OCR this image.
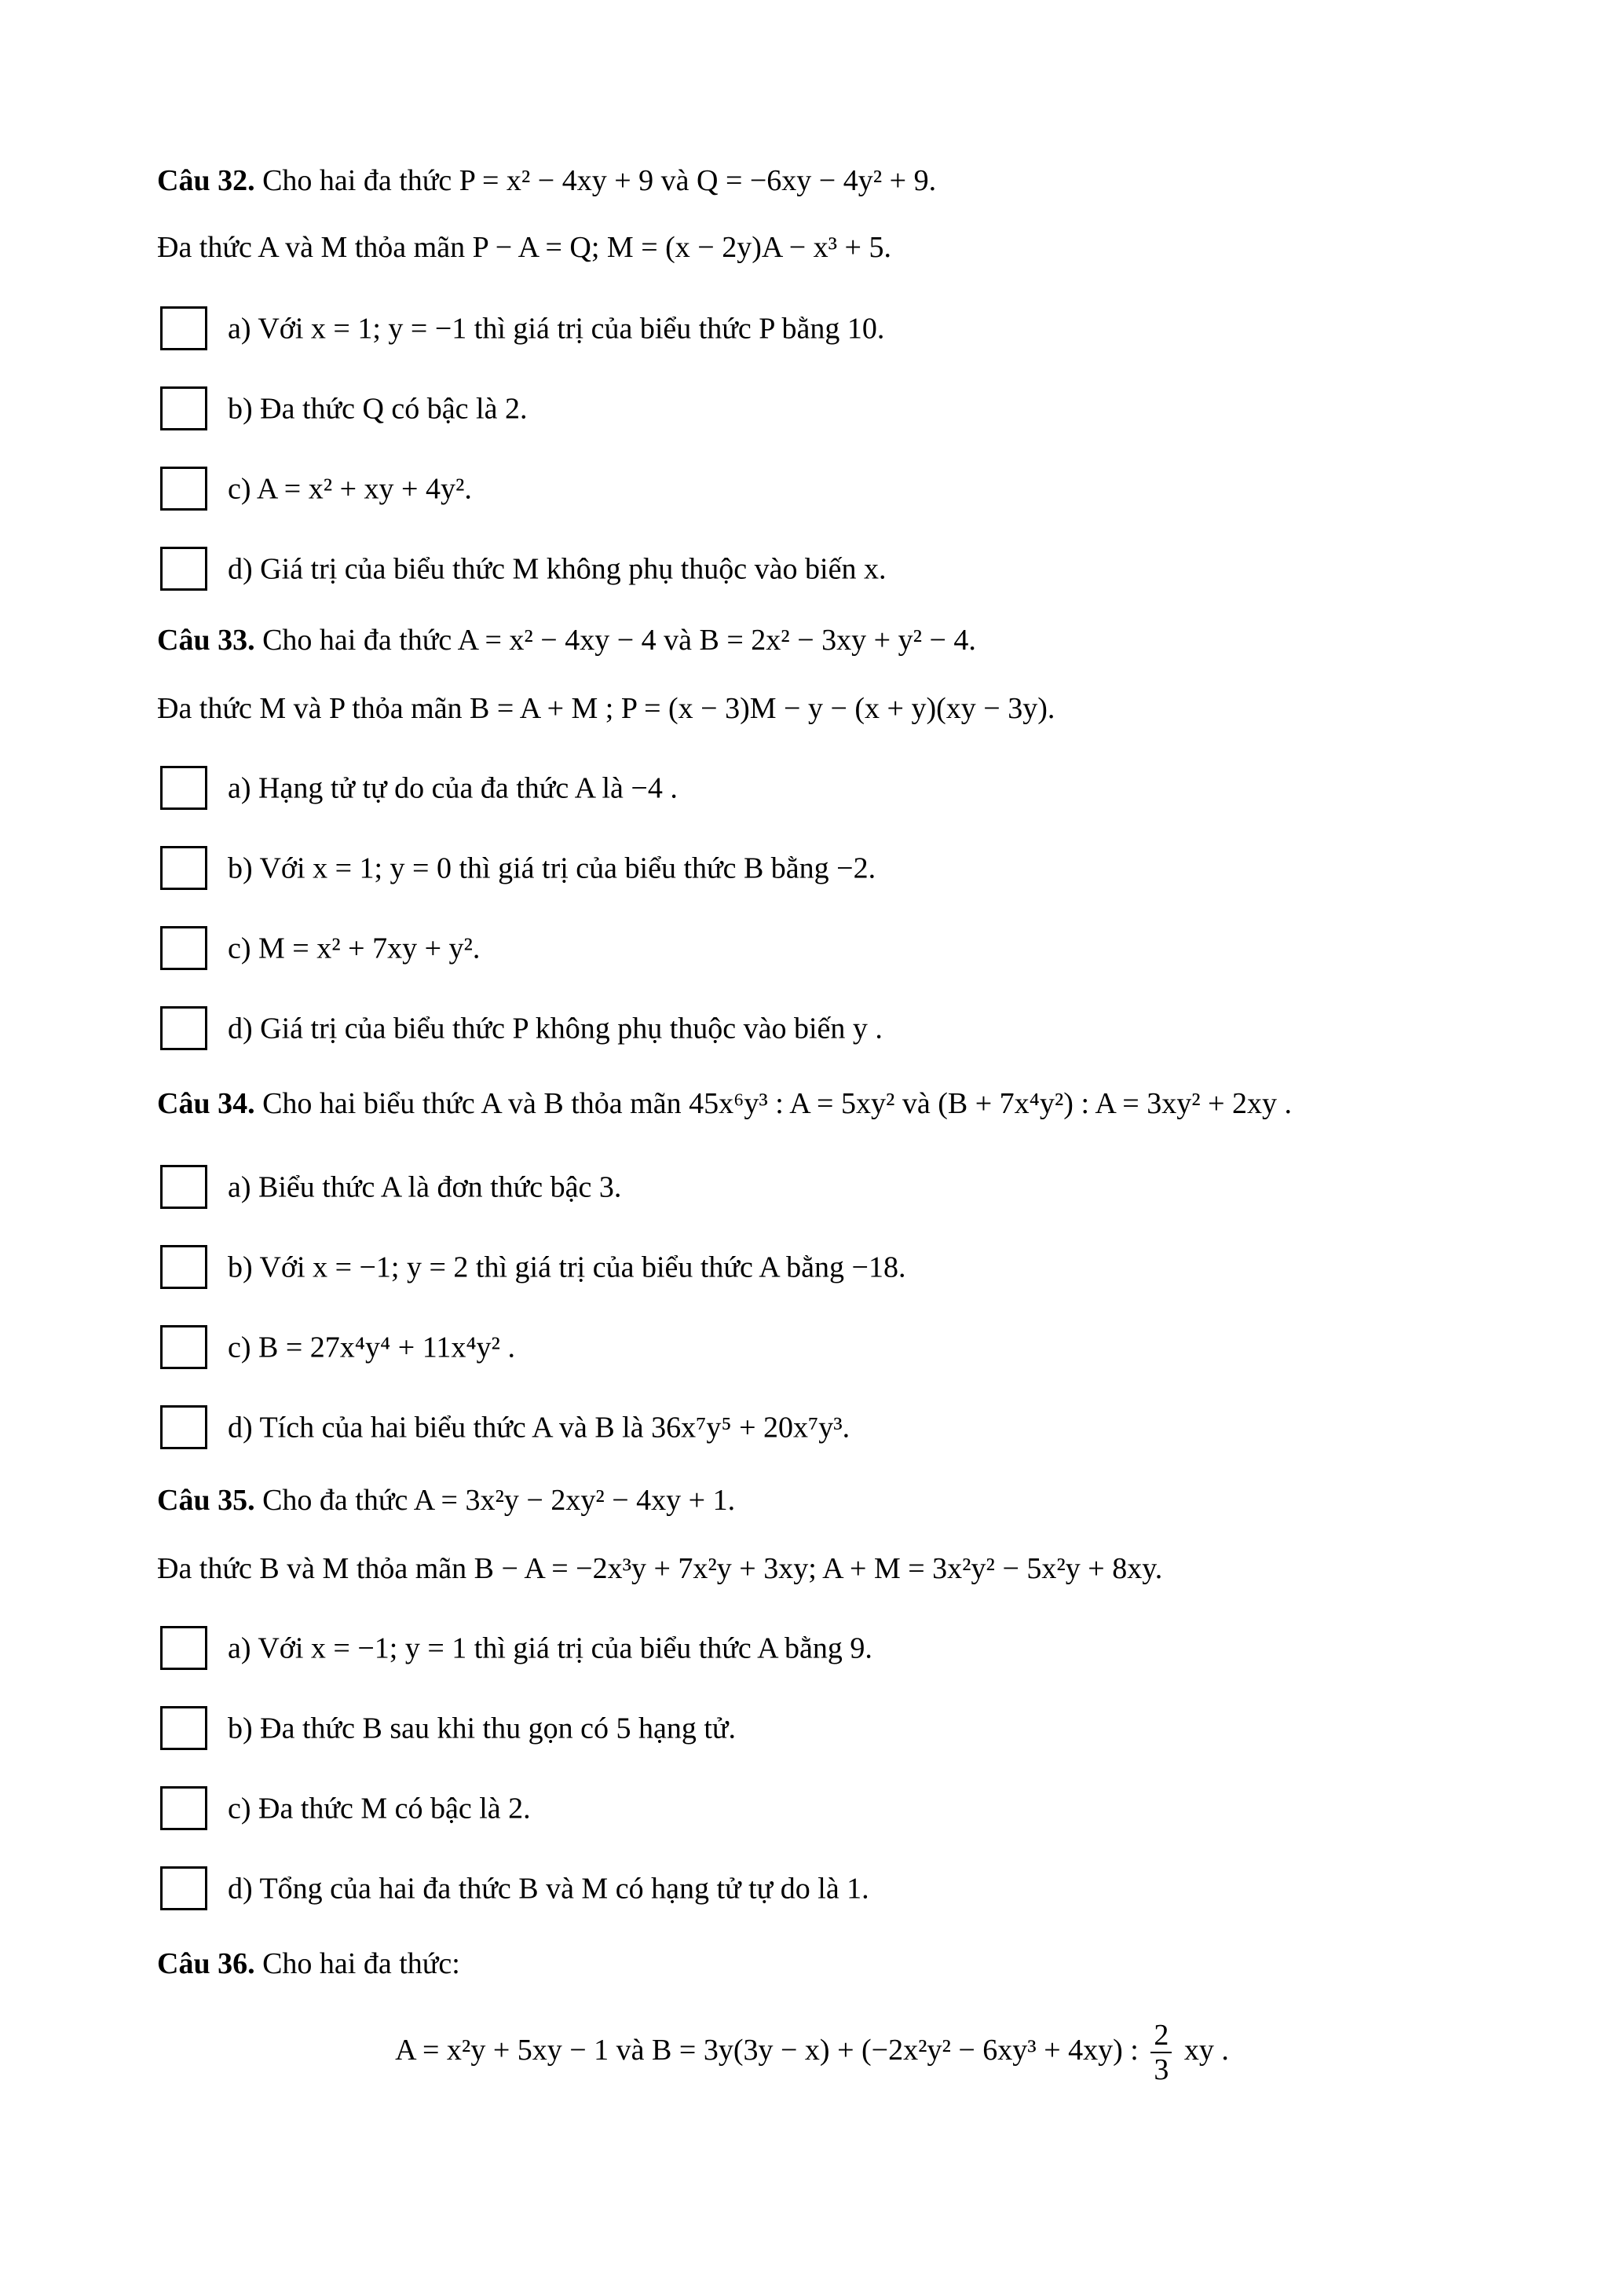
Câu 32. Cho hai đa thức P = x² − 4xy + 9 và Q = −6xy − 4y² + 9.
Đa thức A và M thỏa mãn P − A = Q; M = (x − 2y)A − x³ + 5.
a) Với x = 1; y = −1 thì giá trị của biểu thức P bằng 10.
b) Đa thức Q có bậc là 2.
c) A = x² + xy + 4y².
d) Giá trị của biểu thức M không phụ thuộc vào biến x.
Câu 33. Cho hai đa thức A = x² − 4xy − 4 và B = 2x² − 3xy + y² − 4.
Đa thức M và P thỏa mãn B = A + M ; P = (x − 3)M − y − (x + y)(xy − 3y).
a) Hạng tử tự do của đa thức A là −4 .
b) Với x = 1; y = 0 thì giá trị của biểu thức B bằng −2.
c) M = x² + 7xy + y².
d) Giá trị của biểu thức P không phụ thuộc vào biến y .
Câu 34. Cho hai biểu thức A và B thỏa mãn 45x⁶y³ : A = 5xy² và (B + 7x⁴y²) : A = 3xy² + 2xy .
a) Biểu thức A là đơn thức bậc 3.
b) Với x = −1; y = 2 thì giá trị của biểu thức A bằng −18.
c) B = 27x⁴y⁴ + 11x⁴y² .
d) Tích của hai biểu thức A và B là 36x⁷y⁵ + 20x⁷y³.
Câu 35. Cho đa thức A = 3x²y − 2xy² − 4xy + 1.
Đa thức B và M thỏa mãn B − A = −2x³y + 7x²y + 3xy; A + M = 3x²y² − 5x²y + 8xy.
a) Với x = −1; y = 1 thì giá trị của biểu thức A bằng 9.
b) Đa thức B sau khi thu gọn có 5 hạng tử.
c) Đa thức M có bậc là 2.
d) Tổng của hai đa thức B và M có hạng tử tự do là 1.
Câu 36. Cho hai đa thức:
A = x²y + 5xy − 1 và B = 3y(3y − x) + (−2x²y² − 6xy³ + 4xy) : $\frac{2}{3}$ xy .
